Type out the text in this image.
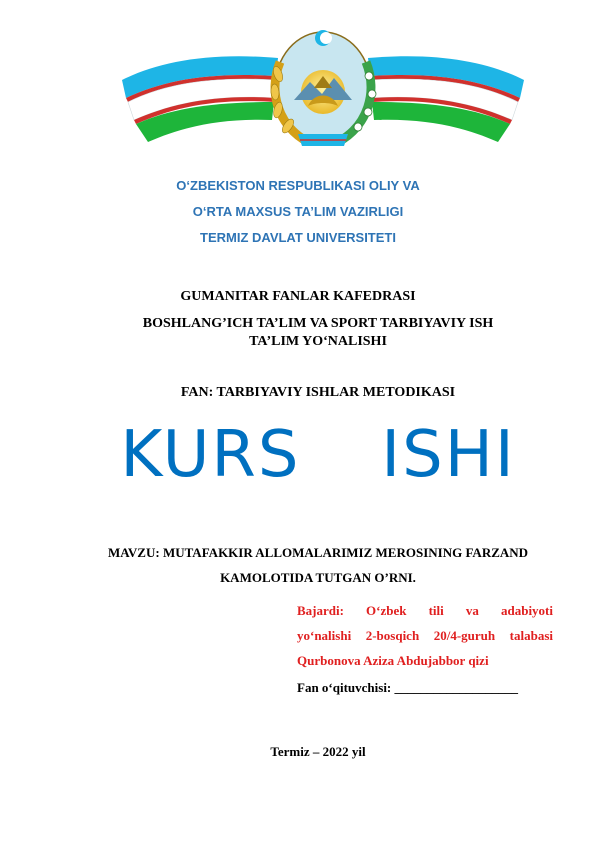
O‘ZBEKISTON RESPUBLIKASI OLIY VA
O‘RTA MAXSUS TA’LIM VAZIRLIGI
TERMIZ DAVLAT UNIVERSITETI
GUMANITAR FANLAR KAFEDRASI
BOSHLANG’ICH TA’LIM VA SPORT TARBIYAVIY ISH
TA’LIM YO‘NALISHI
FAN: TARBIYAVIY ISHLAR METODIKASI
KURS  ISHI
MAVZU: MUTAFAKKIR ALLOMALARIMIZ MEROSINING FARZAND
KAMOLOTIDA TUTGAN O’RNI.
Bajardi: O‘zbek tili va adabiyoti
yo‘nalishi 2-bosqich 20/4-guruh talabasi
Qurbonova Aziza Abdujabbor qizi
Fan o‘qituvchisi: ___________________
Termiz – 2022 yil
